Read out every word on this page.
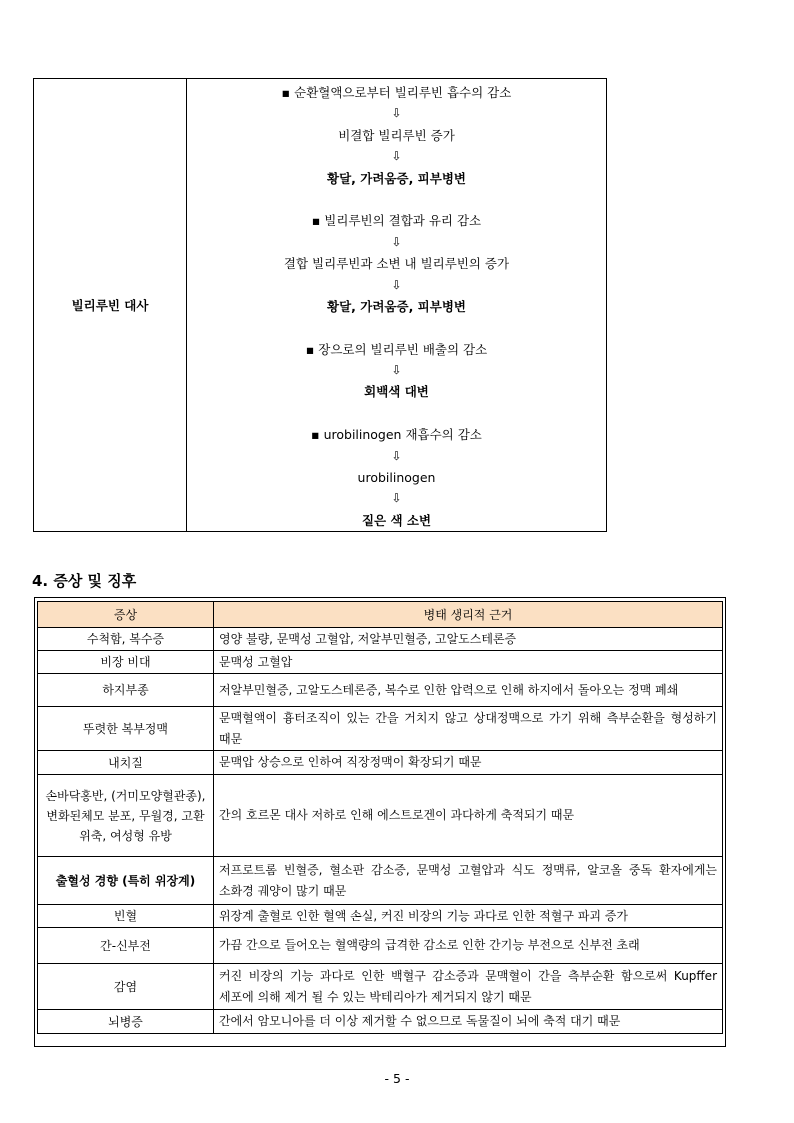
빌리루빈 대사	
▪ 순환혈액으로부터 빌리루빈 흡수의 감소
⇩
비결합 빌리루빈 증가
⇩
황달, 가려움증, 피부병변
▪ 빌리루빈의 결합과 유리 감소
⇩
결합 빌리루빈과 소변 내 빌리루빈의 증가
⇩
황달, 가려움증, 피부병변
▪ 장으로의 빌리루빈 배출의 감소
⇩
회백색 대변
▪ urobilinogen 재흡수의 감소
⇩
urobilinogen
⇩
짙은 색 소변
4. 증상 및 징후
증상	병태 생리적 근거
수척함, 복수증	영양 불량, 문맥성 고혈압, 저알부민혈증, 고알도스테론증
비장 비대	문맥성 고혈압
하지부종	저알부민혈증, 고알도스테론증, 복수로 인한 압력으로 인해 하지에서 돌아오는 정맥 폐쇄
뚜렷한 복부정맥	문맥혈액이 흉터조직이 있는 간을 거치지 않고 상대정맥으로 가기 위해 측부순환을 형성하기 때문
내치질	문맥압 상승으로 인하여 직장정맥이 확장되기 때문
손바닥홍반, (거미모양혈관종), 변화된체모 분포, 무월경, 고환위축, 여성형 유방	간의 호르몬 대사 저하로 인해 에스트로겐이 과다하게 축적되기 때문
출혈성 경향 (특히 위장계)	저프로트롬 빈혈증, 혈소판 감소증, 문맥성 고혈압과 식도 정맥류, 알코올 중독 환자에게는 소화경 궤양이 많기 때문
빈혈	위장계 출혈로 인한 혈액 손실, 커진 비장의 기능 과다로 인한 적혈구 파괴 증가
간-신부전	가끔 간으로 들어오는 혈액량의 급격한 감소로 인한 간기능 부전으로 신부전 초래
감염	커진 비장의 기능 과다로 인한 백혈구 감소증과 문맥혈이 간을 측부순환 함으로써 Kupffer 세포에 의해 제거 될 수 있는 박테리아가 제거되지 않기 때문
뇌병증	간에서 암모니아를 더 이상 제거할 수 없으므로 독물질이 뇌에 축적 대기 때문
- 5 -
